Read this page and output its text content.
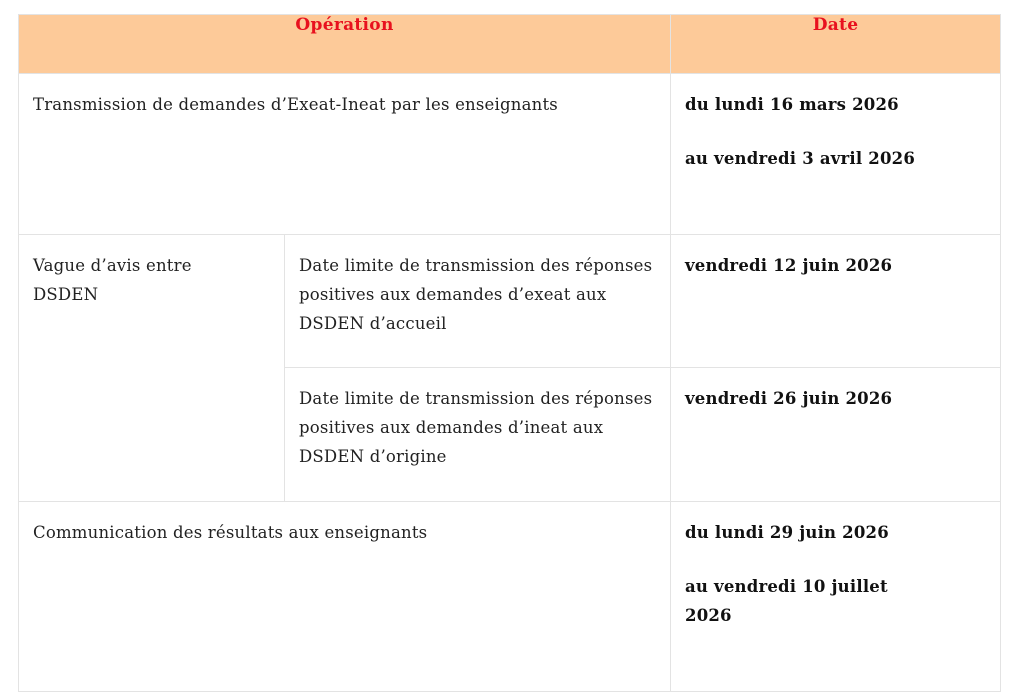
Opération		Date

Transmission de demandes d’Exeat-Ineat par les enseignants		du lundi 16 mars 2026
au vendredi 3 avril 2026

Vague d’avis entre DSDEN	Date limite de transmission des réponses positives aux demandes d’exeat aux DSDEN d’accueil	vendredi 12 juin 2026

	Date limite de transmission des réponses positives aux demandes d’ineat aux DSDEN d’origine	vendredi 26 juin 2026

Communication des résultats aux enseignants		du lundi 29 juin 2026
au vendredi 10 juillet 2026
